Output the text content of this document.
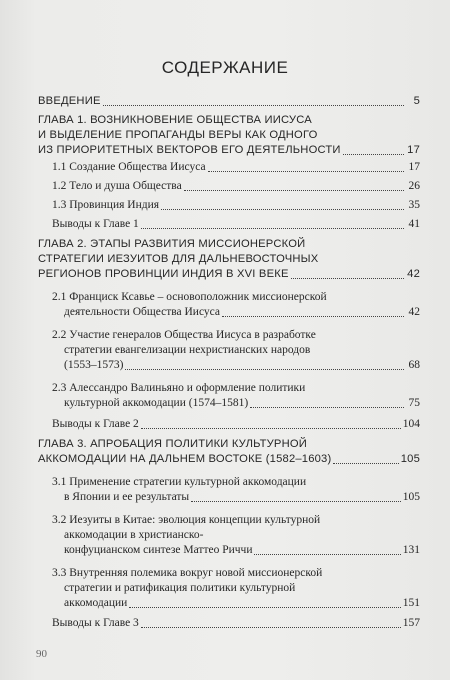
СОДЕРЖАНИЕ
ВВЕДЕНИЕ	5
ГЛАВА 1. ВОЗНИКНОВЕНИЕ ОБЩЕСТВА ИИСУСА
И ВЫДЕЛЕНИЕ ПРОПАГАНДЫ ВЕРЫ КАК ОДНОГО
ИЗ ПРИОРИТЕТНЫХ ВЕКТОРОВ ЕГО ДЕЯТЕЛЬНОСТИ	17
1.1 Создание Общества Иисуса	17
1.2 Тело и душа Общества	26
1.3 Провинция Индия	35
Выводы к Главе 1	41
ГЛАВА 2. ЭТАПЫ РАЗВИТИЯ МИССИОНЕРСКОЙ
СТРАТЕГИИ ИЕЗУИТОВ ДЛЯ ДАЛЬНЕВОСТОЧНЫХ
РЕГИОНОВ ПРОВИНЦИИ ИНДИЯ В XVI ВЕКЕ	42
2.1 Франциск Ксавье – основоположник миссионерской
деятельности Общества Иисуса	42
2.2 Участие генералов Общества Иисуса в разработке
стратегии евангелизации нехристианских народов
(1553–1573)	68
2.3 Алессандро Валиньяно и оформление политики
культурной аккомодации (1574–1581)	75
Выводы к Главе 2	104
ГЛАВА 3. АПРОБАЦИЯ ПОЛИТИКИ КУЛЬТУРНОЙ
АККОМОДАЦИИ НА ДАЛЬНЕМ ВОСТОКЕ (1582–1603)	105
3.1 Применение стратегии культурной аккомодации
в Японии и ее результаты	105
3.2 Иезуиты в Китае: эволюция концепции культурной
аккомодации в христианско-
конфуцианском синтезе Маттео Риччи	131
3.3 Внутренняя полемика вокруг новой миссионерской
стратегии и ратификация политики культурной
аккомодации	151
Выводы к Главе 3	157
90
